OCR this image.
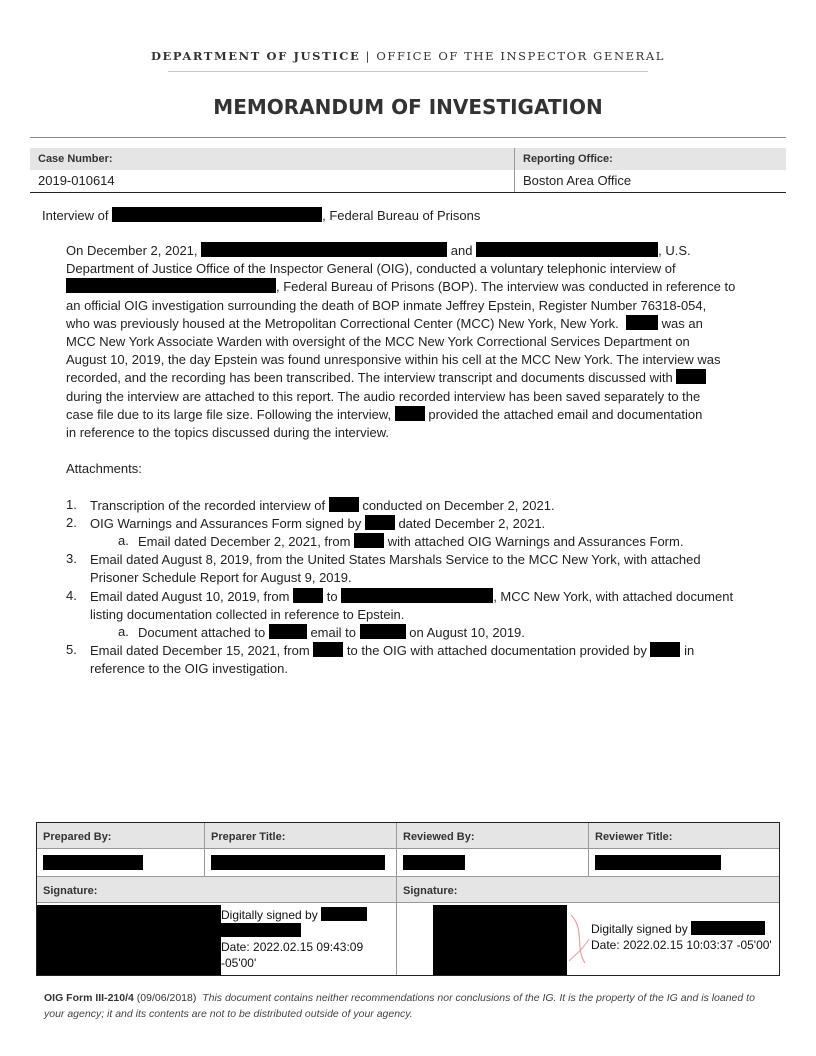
DEPARTMENT OF JUSTICE | OFFICE OF THE INSPECTOR GENERAL
MEMORANDUM OF INVESTIGATION
Case Number:	Reporting Office:
2019-010614	Boston Area Office
Interview of	, Federal Bureau of Prisons
On December 2, 2021,	and	, U.S.
Department of Justice Office of the Inspector General (OIG), conducted a voluntary telephonic interview of
, Federal Bureau of Prisons (BOP). The interview was conducted in reference to
an official OIG investigation surrounding the death of BOP inmate Jeffrey Epstein, Register Number 76318-054,
who was previously housed at the Metropolitan Correctional Center (MCC) New York, New York.	was an
MCC New York Associate Warden with oversight of the MCC New York Correctional Services Department on
August 10, 2019, the day Epstein was found unresponsive within his cell at the MCC New York. The interview was
recorded, and the recording has been transcribed. The interview transcript and documents discussed with
during the interview are attached to this report. The audio recorded interview has been saved separately to the
case file due to its large file size. Following the interview,	provided the attached email and documentation
in reference to the topics discussed during the interview.
Attachments:
1. Transcription of the recorded interview of	conducted on December 2, 2021.
2. OIG Warnings and Assurances Form signed by	dated December 2, 2021.
a. Email dated December 2, 2021, from	with attached OIG Warnings and Assurances Form.
3. Email dated August 8, 2019, from the United States Marshals Service to the MCC New York, with attached
Prisoner Schedule Report for August 9, 2019.
4. Email dated August 10, 2019, from	to	, MCC New York, with attached document
listing documentation collected in reference to Epstein.
a. Document attached to	email to	on August 10, 2019.
5. Email dated December 15, 2021, from	to the OIG with attached documentation provided by	in
reference to the OIG investigation.
Prepared By:	Preparer Title:	Reviewed By:	Reviewer Title:
Signature:	Signature:
Digitally signed by
Date: 2022.02.15 09:43:09
-05'00'
Digitally signed by
Date: 2022.02.15 10:03:37 -05'00'
OIG Form III-210/4 (09/06/2018) This document contains neither recommendations nor conclusions of the IG. It is the property of the IG and is loaned to your agency; it and its contents are not to be distributed outside of your agency.
